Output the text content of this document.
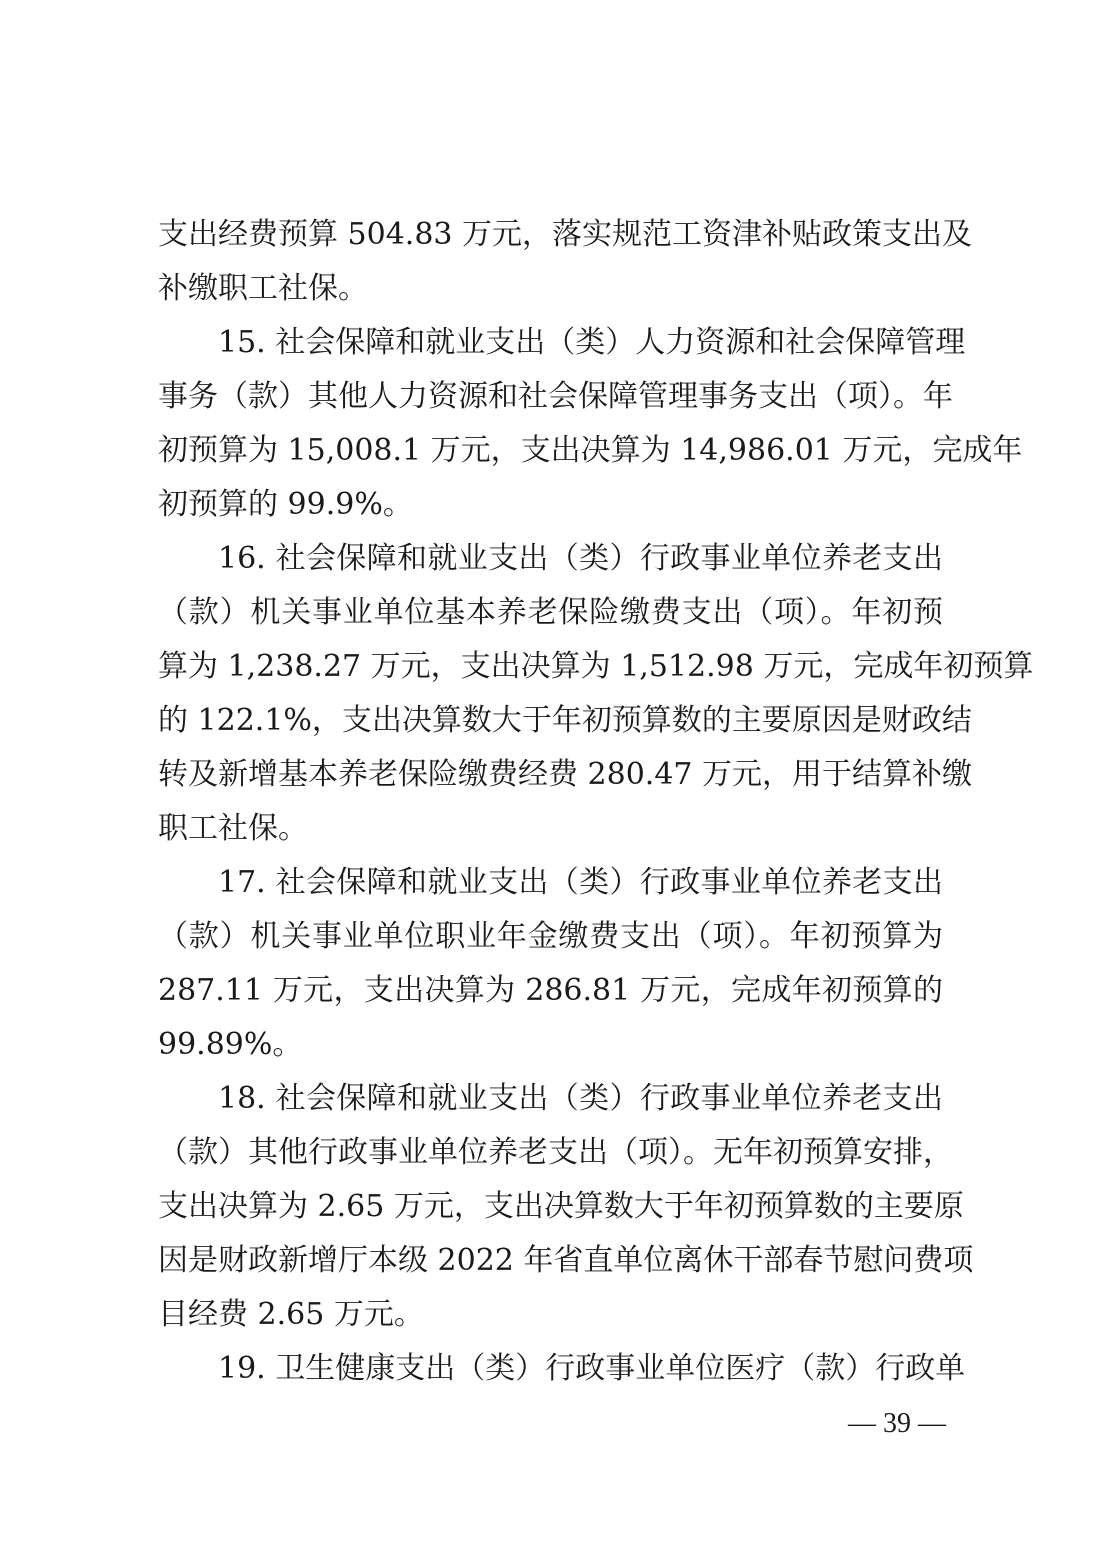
支出经费预算 504.83 万元，落实规范工资津补贴政策支出及
补缴职工社保。
15. 社会保障和就业支出（类）人力资源和社会保障管理
事务（款）其他人力资源和社会保障管理事务支出（项）。年
初预算为 15,008.1 万元，支出决算为 14,986.01 万元，完成年
初预算的 99.9%。
16. 社会保障和就业支出（类）行政事业单位养老支出
（款）机关事业单位基本养老保险缴费支出（项）。年初预
算为 1,238.27 万元，支出决算为 1,512.98 万元，完成年初预算
的 122.1%，支出决算数大于年初预算数的主要原因是财政结
转及新增基本养老保险缴费经费 280.47 万元，用于结算补缴
职工社保。
17. 社会保障和就业支出（类）行政事业单位养老支出
（款）机关事业单位职业年金缴费支出（项）。年初预算为
287.11 万元，支出决算为 286.81 万元，完成年初预算的
99.89%。
18. 社会保障和就业支出（类）行政事业单位养老支出
（款）其他行政事业单位养老支出（项）。无年初预算安排，
支出决算为 2.65 万元，支出决算数大于年初预算数的主要原
因是财政新增厅本级 2022 年省直单位离休干部春节慰问费项
目经费 2.65 万元。
19. 卫生健康支出（类）行政事业单位医疗（款）行政单
— 39 —
